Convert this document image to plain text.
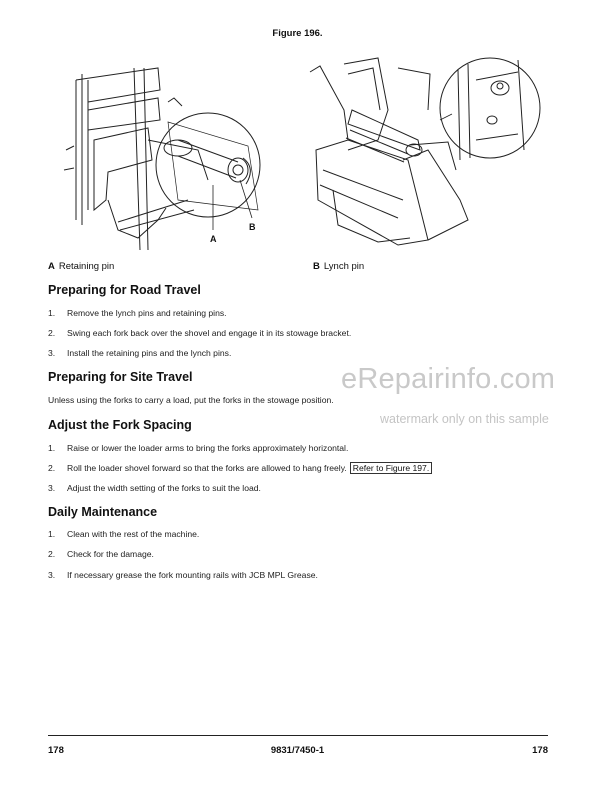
Figure 196.
A
B
A Retaining pin	B Lynch pin
Preparing for Road Travel
1. Remove the lynch pins and retaining pins.
2. Swing each fork back over the shovel and engage it in its stowage bracket.
3. Install the retaining pins and the lynch pins.
Preparing for Site Travel
Unless using the forks to carry a load, put the forks in the stowage position.
Adjust the Fork Spacing
1. Raise or lower the loader arms to bring the forks approximately horizontal.
2. Roll the loader shovel forward so that the forks are allowed to hang freely. Refer to Figure 197.
3. Adjust the width setting of the forks to suit the load.
Daily Maintenance
1. Clean with the rest of the machine.
2. Check for the damage.
3. If necessary grease the fork mounting rails with JCB MPL Grease.
eRepairinfo.com
watermark only on this sample
178	9831/7450-1	178
